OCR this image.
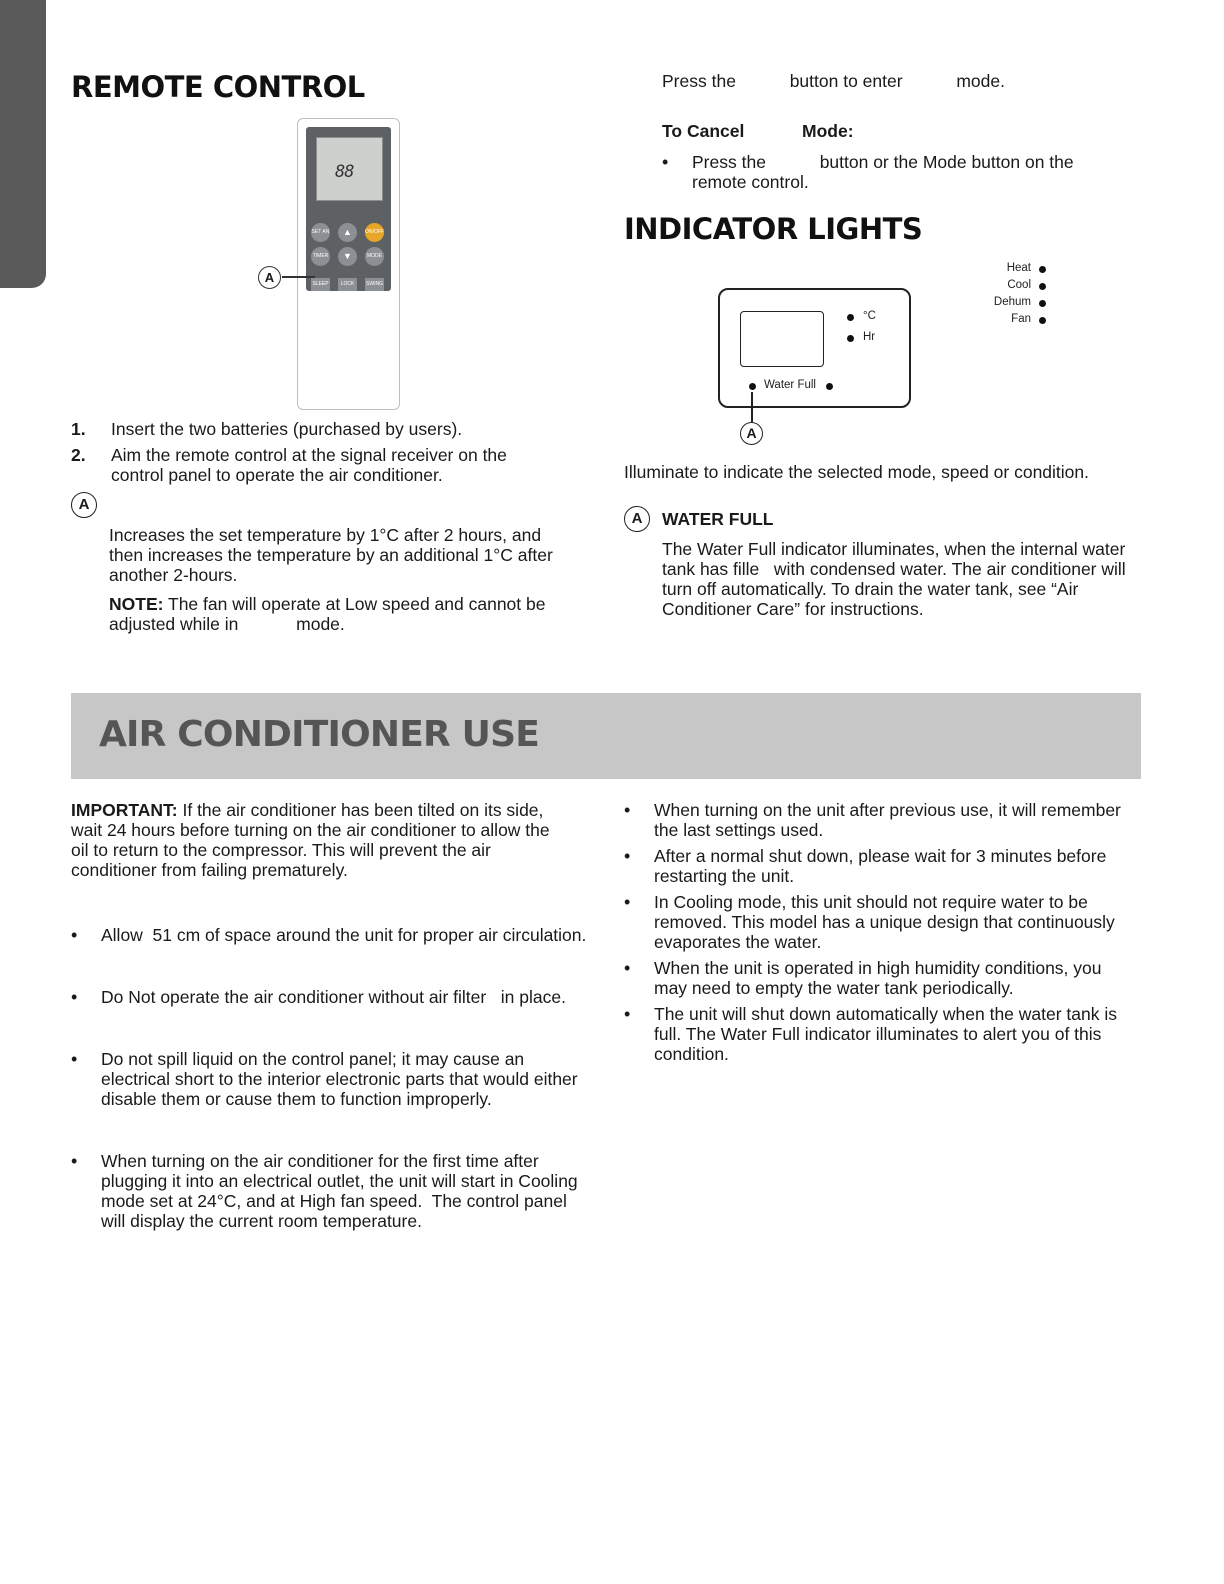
REMOTE CONTROL
88
SET AN	▲	ON/OFF
TIMER	▼	MODE
SLEEP	LOCK	SWING
A
1. Insert the two batteries (purchased by users).
2. Aim the remote control at the signal receiver on the control panel to operate the air conditioner.
A
Increases the set temperature by 1°C after 2 hours, and then increases the temperature by an additional 1°C after another 2-hours.
NOTE: The fan will operate at Low speed and cannot be adjusted while in	mode.
Press the	button to enter	mode.
To Cancel	Mode:
• Press the	button or the Mode button on the remote control.
INDICATOR LIGHTS
Heat
Cool
Dehum
Fan
°C
Hr
Water Full
A
Illuminate to indicate the selected mode, speed or condition.
A	WATER FULL
The Water Full indicator illuminates, when the internal water tank has fille   with condensed water. The air conditioner will turn off automatically. To drain the water tank, see “Air Conditioner Care” for instructions.
AIR CONDITIONER USE
IMPORTANT: If the air conditioner has been tilted on its side, wait 24 hours before turning on the air conditioner to allow the oil to return to the compressor. This will prevent the air conditioner from failing prematurely.

• Allow  51 cm of space around the unit for proper air circulation.

• Do Not operate the air conditioner without air filter   in place.

• Do not spill liquid on the control panel; it may cause an electrical short to the interior electronic parts that would either disable them or cause them to function improperly.

• When turning on the air conditioner for the first time after plugging it into an electrical outlet, the unit will start in Cooling mode set at 24°C, and at High fan speed.  The control panel will display the current room temperature.

• When turning on the unit after previous use, it will remember the last settings used.
• After a normal shut down, please wait for 3 minutes before restarting the unit.
• In Cooling mode, this unit should not require water to be removed. This model has a unique design that continuously evaporates the water.
• When the unit is operated in high humidity conditions, you may need to empty the water tank periodically.
• The unit will shut down automatically when the water tank is full. The Water Full indicator illuminates to alert you of this condition.
